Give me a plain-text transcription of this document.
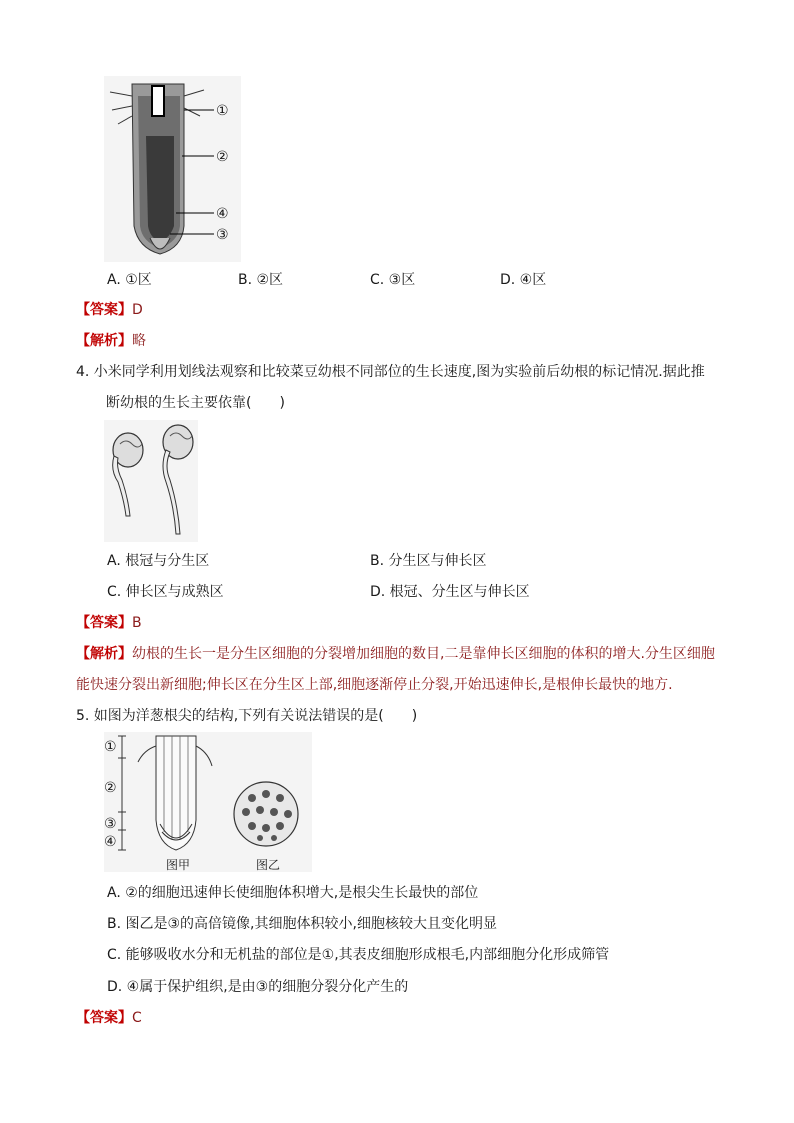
①
②
④
③
A. ①区	B. ②区	C. ③区	D. ④区
【答案】D
【解析】略
4. 小米同学利用划线法观察和比较菜豆幼根不同部位的生长速度,图为实验前后幼根的标记情况.据此推
断幼根的生长主要依靠(　　)
A. 根冠与分生区	B. 分生区与伸长区
C. 伸长区与成熟区	D. 根冠、分生区与伸长区
【答案】B
【解析】幼根的生长一是分生区细胞的分裂增加细胞的数目,二是靠伸长区细胞的体积的增大.分生区细胞
能快速分裂出新细胞;伸长区在分生区上部,细胞逐渐停止分裂,开始迅速伸长,是根伸长最快的地方.
5. 如图为洋葱根尖的结构,下列有关说法错误的是(　　)
①
②
③
④
图甲	图乙
A. ②的细胞迅速伸长使细胞体积增大,是根尖生长最快的部位
B. 图乙是③的高倍镜像,其细胞体积较小,细胞核较大且变化明显
C. 能够吸收水分和无机盐的部位是①,其表皮细胞形成根毛,内部细胞分化形成筛管
D. ④属于保护组织,是由③的细胞分裂分化产生的
【答案】C
